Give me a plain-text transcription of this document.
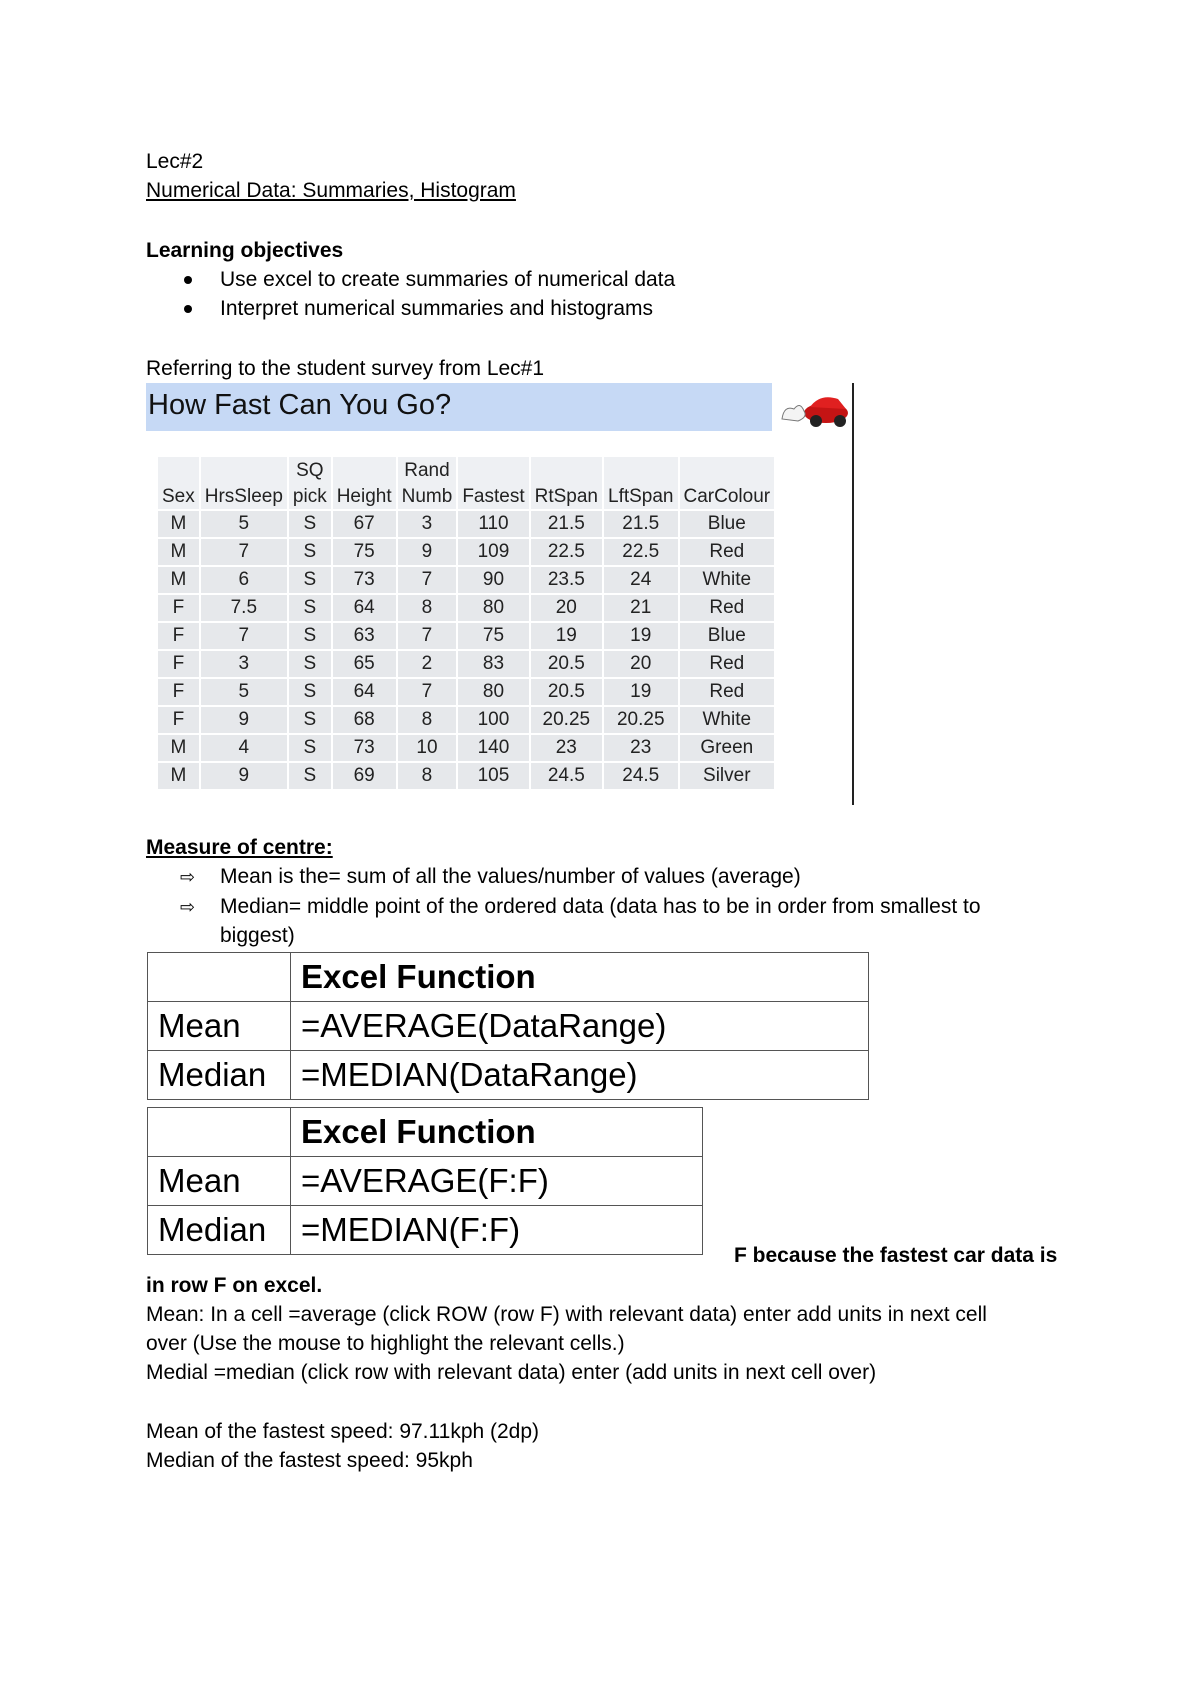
Lec#2
Numerical Data: Summaries, Histogram
Learning objectives
Use excel to create summaries of numerical data
Interpret numerical summaries and histograms
Referring to the student survey from Lec#1
How Fast Can You Go?
		SQ		Rand				
Sex	HrsSleep	pick	Height	Numb	Fastest	RtSpan	LftSpan	CarColour
M	5	S	67	3	110	21.5	21.5	Blue
M	7	S	75	9	109	22.5	22.5	Red
M	6	S	73	7	90	23.5	24	White
F	7.5	S	64	8	80	20	21	Red
F	7	S	63	7	75	19	19	Blue
F	3	S	65	2	83	20.5	20	Red
F	5	S	64	7	80	20.5	19	Red
F	9	S	68	8	100	20.25	20.25	White
M	4	S	73	10	140	23	23	Green
M	9	S	69	8	105	24.5	24.5	Silver
Measure of centre:
⇨ Mean is the= sum of all the values/number of values (average)
⇨ Median= middle point of the ordered data (data has to be in order from smallest to
biggest)
	Excel Function
Mean	=AVERAGE(DataRange)
Median	=MEDIAN(DataRange)
	Excel Function
Mean	=AVERAGE(F:F)
Median	=MEDIAN(F:F)
F because the fastest car data is
in row F on excel.
Mean: In a cell =average (click ROW (row F) with relevant data) enter add units in next cell
over (Use the mouse to highlight the relevant cells.)
Medial =median (click row with relevant data) enter (add units in next cell over)
Mean of the fastest speed: 97.11kph (2dp)
Median of the fastest speed: 95kph
